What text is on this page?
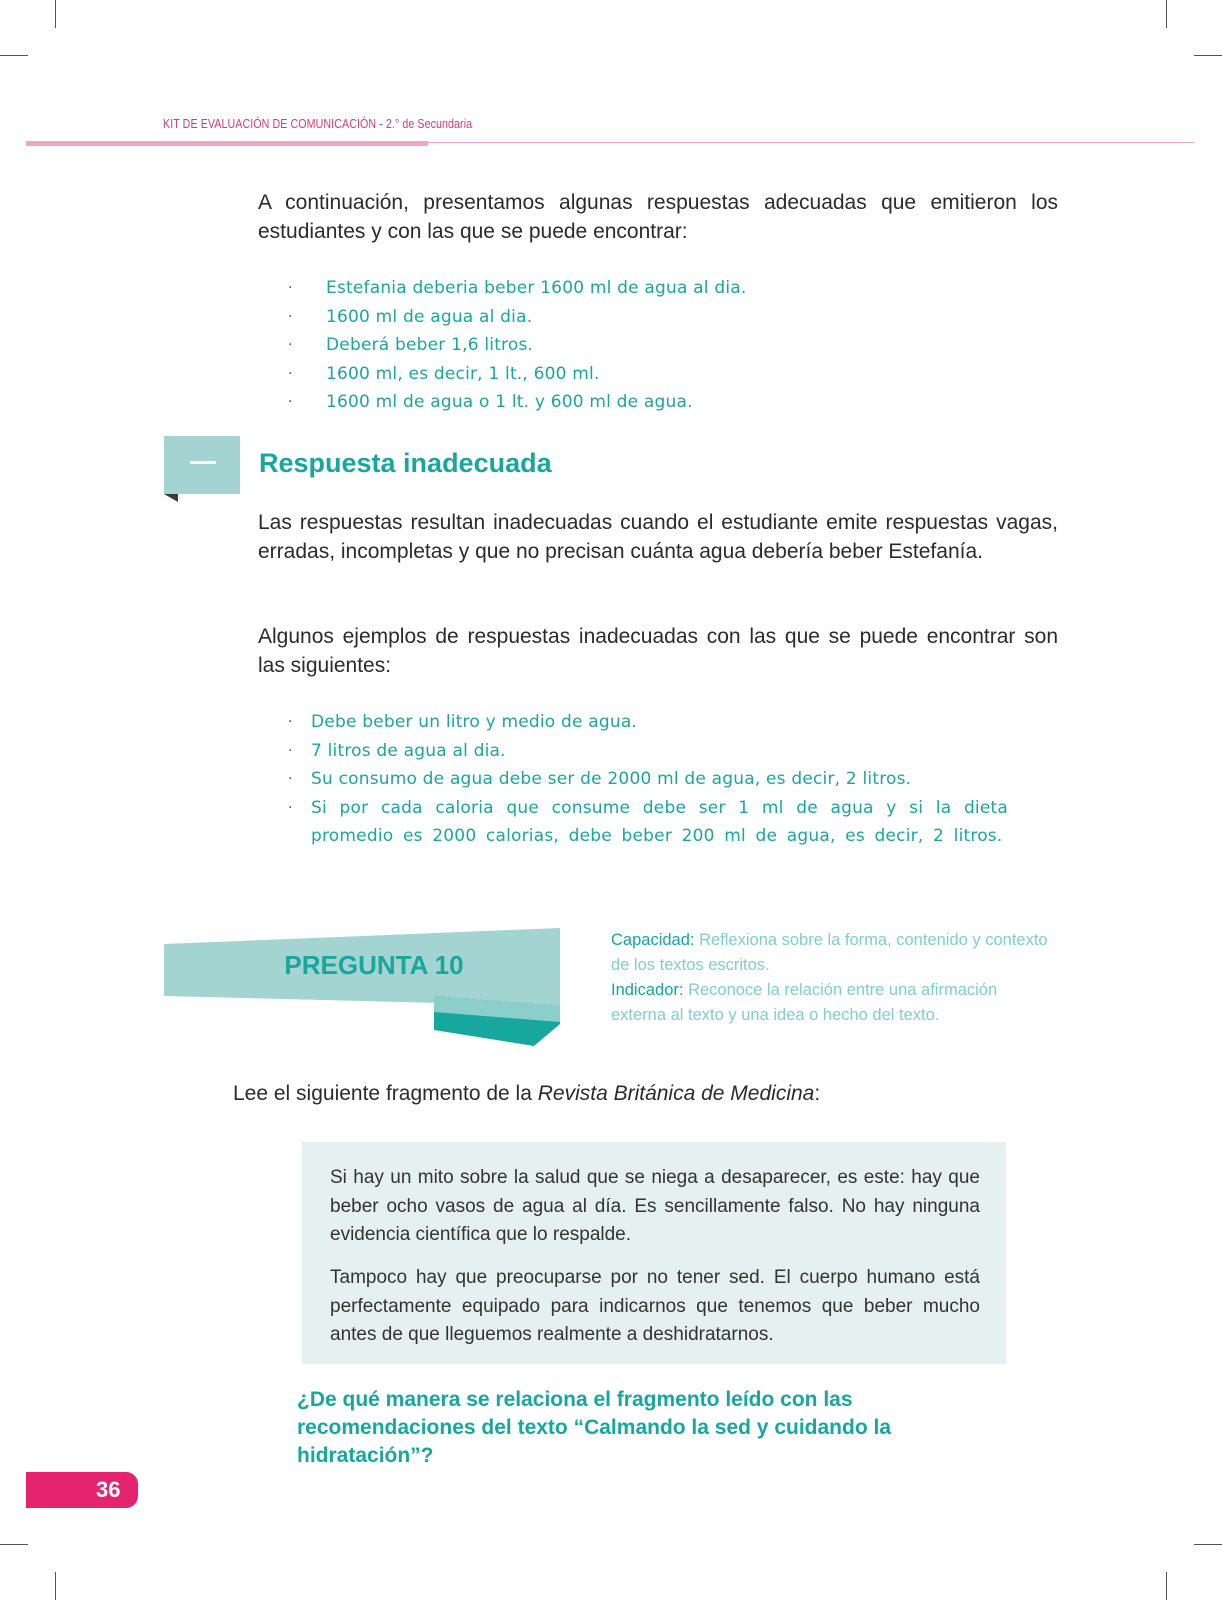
KIT DE EVALUACIÓN DE COMUNICACIÓN - 2.° de Secundaria
A continuación, presentamos algunas respuestas adecuadas que emitieron los estudiantes y con las que se puede encontrar:
· Estefania deberia beber 1600 ml de agua al dia.
· 1600 ml de agua al dia.
· Deberá beber 1,6 litros.
· 1600 ml, es decir, 1 lt., 600 ml.
· 1600 ml de agua o 1 lt. y 600 ml de agua.
Respuesta inadecuada
Las respuestas resultan inadecuadas cuando el estudiante emite respuestas vagas, erradas, incompletas y que no precisan cuánta agua debería beber Estefanía.
Algunos ejemplos de respuestas inadecuadas con las que se puede encontrar son las siguientes:
· Debe beber un litro y medio de agua.
· 7 litros de agua al dia.
· Su consumo de agua debe ser de 2000 ml de agua, es decir, 2 litros.
· Si por cada caloria que consume debe ser 1 ml de agua y si la dieta promedio es 2000 calorias, debe beber 200 ml de agua, es decir, 2 litros.
PREGUNTA 10
Capacidad: Reflexiona sobre la forma, contenido y contexto de los textos escritos.
Indicador: Reconoce la relación entre una afirmación externa al texto y una idea o hecho del texto.
Lee el siguiente fragmento de la Revista Británica de Medicina:
Si hay un mito sobre la salud que se niega a desaparecer, es este: hay que beber ocho vasos de agua al día. Es sencillamente falso. No hay ninguna evidencia científica que lo respalde.
Tampoco hay que preocuparse por no tener sed. El cuerpo humano está perfectamente equipado para indicarnos que tenemos que beber mucho antes de que lleguemos realmente a deshidratarnos.
¿De qué manera se relaciona el fragmento leído con las recomendaciones del texto “Calmando la sed y cuidando la hidratación”?
36
